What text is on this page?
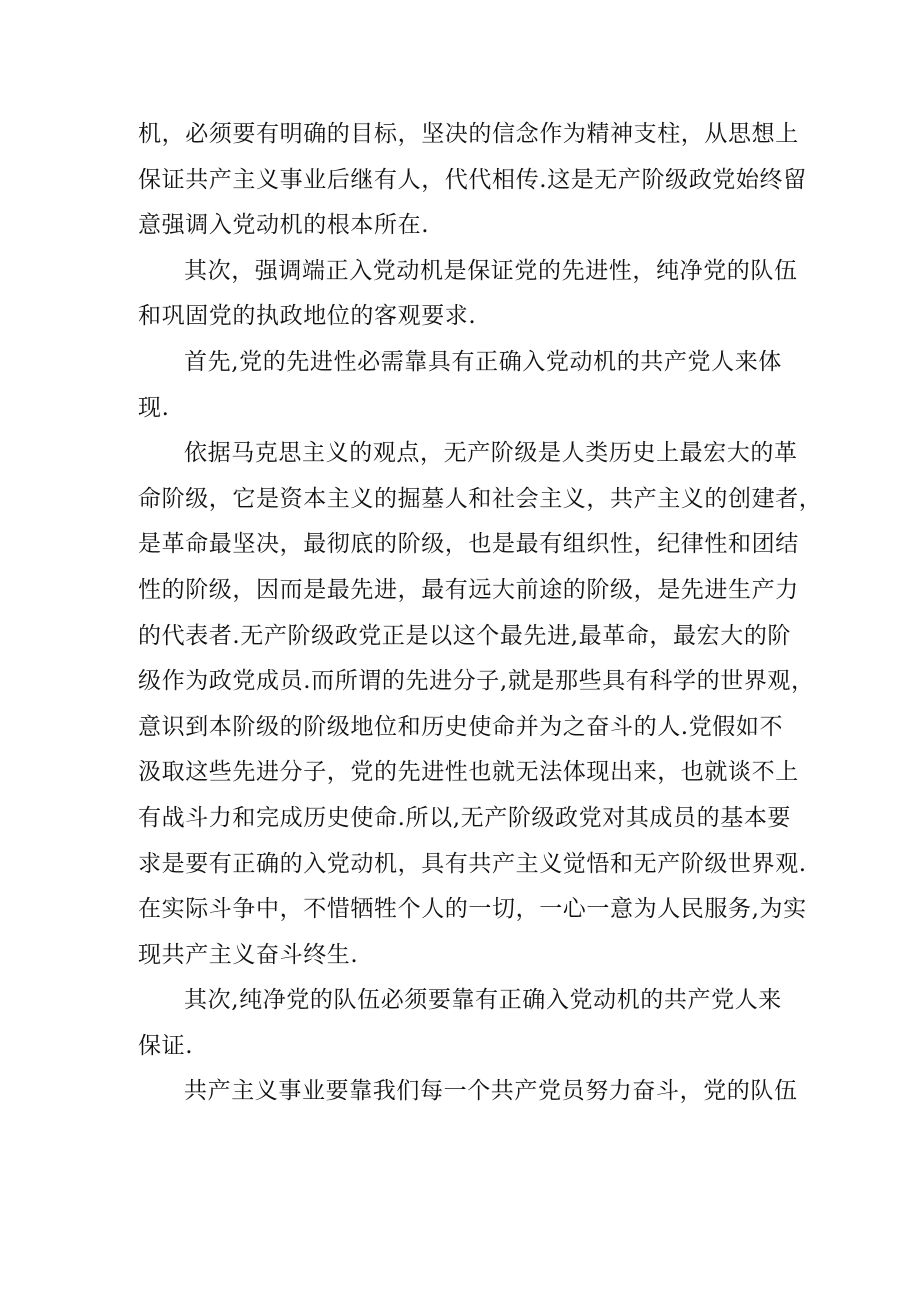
机，必须要有明确的目标，坚决的信念作为精神支柱，从思想上
保证共产主义事业后继有人，代代相传.这是无产阶级政党始终留
意强调入党动机的根本所在.
其次，强调端正入党动机是保证党的先进性，纯净党的队伍
和巩固党的执政地位的客观要求.
首先,党的先进性必需靠具有正确入党动机的共产党人来体
现.
依据马克思主义的观点，无产阶级是人类历史上最宏大的革
命阶级，它是资本主义的掘墓人和社会主义，共产主义的创建者，
是革命最坚决，最彻底的阶级，也是最有组织性，纪律性和团结
性的阶级，因而是最先进，最有远大前途的阶级，是先进生产力
的代表者.无产阶级政党正是以这个最先进,最革命，最宏大的阶
级作为政党成员.而所谓的先进分子,就是那些具有科学的世界观，
意识到本阶级的阶级地位和历史使命并为之奋斗的人.党假如不
汲取这些先进分子，党的先进性也就无法体现出来，也就谈不上
有战斗力和完成历史使命.所以,无产阶级政党对其成员的基本要
求是要有正确的入党动机，具有共产主义觉悟和无产阶级世界观.
在实际斗争中，不惜牺牲个人的一切，一心一意为人民服务,为实
现共产主义奋斗终生.
其次,纯净党的队伍必须要靠有正确入党动机的共产党人来
保证.
共产主义事业要靠我们每一个共产党员努力奋斗，党的队伍
